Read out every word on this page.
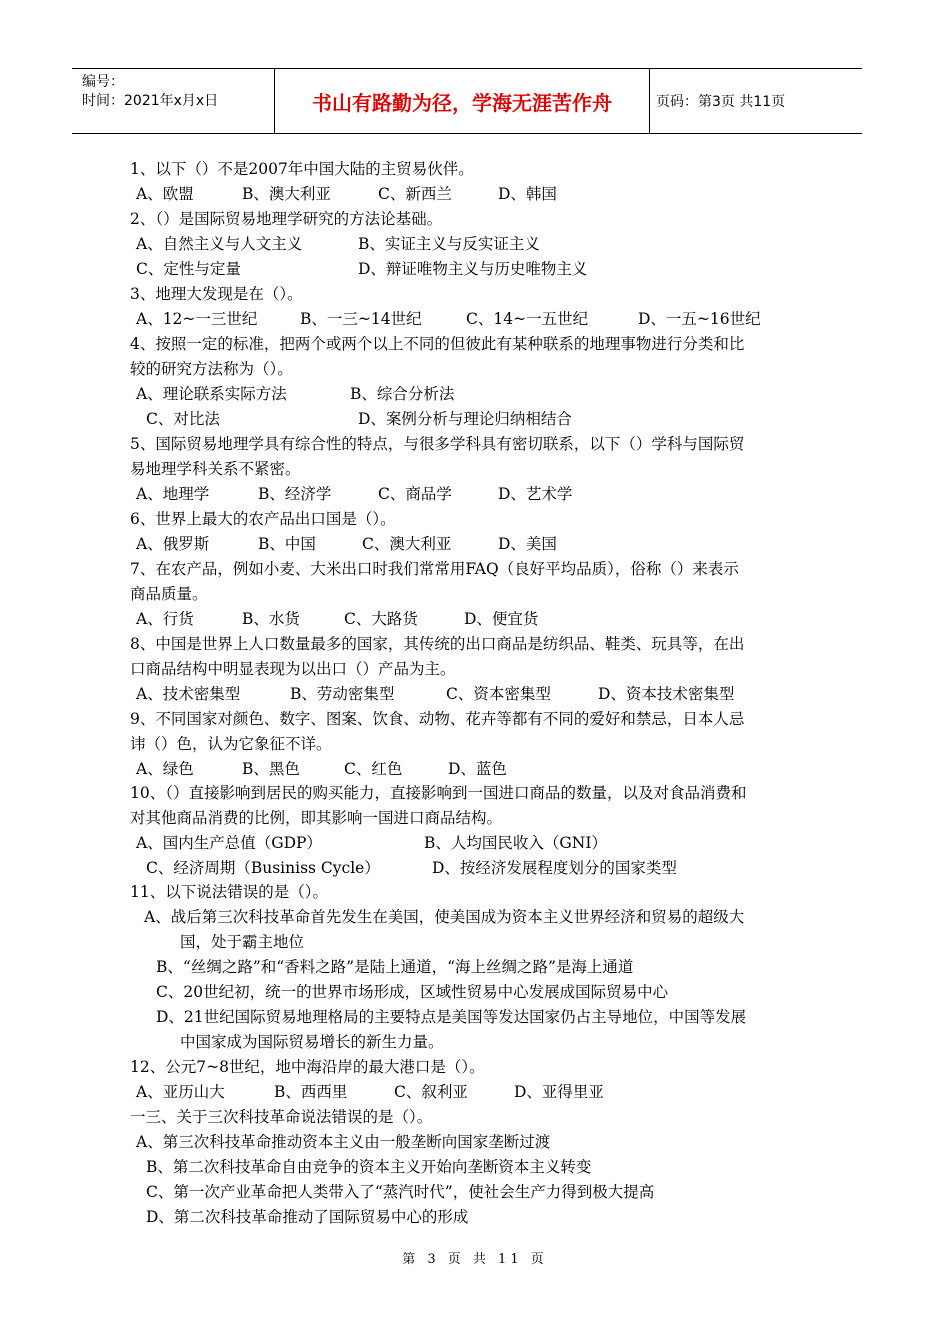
编号：
时间：2021年x月x日	书山有路勤为径，学海无涯苦作舟	页码：第3页 共11页
1、以下（）不是2007年中国大陆的主贸易伙伴。
A、欧盟	B、澳大利亚	C、新西兰	D、韩国
2、（）是国际贸易地理学研究的方法论基础。
A、自然主义与人文主义	B、实证主义与反实证主义
C、定性与定量	D、辩证唯物主义与历史唯物主义
3、地理大发现是在（）。
A、12~一三世纪	B、一三~14世纪	C、14~一五世纪	D、一五~16世纪
4、按照一定的标准，把两个或两个以上不同的但彼此有某种联系的地理事物进行分类和比
较的研究方法称为（）。
A、理论联系实际方法	B、综合分析法
C、对比法	D、案例分析与理论归纳相结合
5、国际贸易地理学具有综合性的特点，与很多学科具有密切联系，以下（）学科与国际贸
易地理学科关系不紧密。
A、地理学	B、经济学	C、商品学	D、艺术学
6、世界上最大的农产品出口国是（）。
A、俄罗斯	B、中国	C、澳大利亚	D、美国
7、在农产品，例如小麦、大米出口时我们常常用FAQ（良好平均品质），俗称（）来表示
商品质量。
A、行货	B、水货	C、大路货	D、便宜货
8、中国是世界上人口数量最多的国家，其传统的出口商品是纺织品、鞋类、玩具等，在出
口商品结构中明显表现为以出口（）产品为主。
A、技术密集型	B、劳动密集型	C、资本密集型	D、资本技术密集型
9、不同国家对颜色、数字、图案、饮食、动物、花卉等都有不同的爱好和禁忌，日本人忌
讳（）色，认为它象征不详。
A、绿色	B、黑色	C、红色	D、蓝色
10、（）直接影响到居民的购买能力，直接影响到一国进口商品的数量，以及对食品消费和
对其他商品消费的比例，即其影响一国进口商品结构。
A、国内生产总值（GDP）	B、人均国民收入（GNI）
C、经济周期（Businiss Cycle）	D、按经济发展程度划分的国家类型
11、以下说法错误的是（）。
A、战后第三次科技革命首先发生在美国，使美国成为资本主义世界经济和贸易的超级大
国，处于霸主地位
B、“丝绸之路”和“香料之路”是陆上通道，“海上丝绸之路”是海上通道
C、20世纪初，统一的世界市场形成，区域性贸易中心发展成国际贸易中心
D、21世纪国际贸易地理格局的主要特点是美国等发达国家仍占主导地位，中国等发展
中国家成为国际贸易增长的新生力量。
12、公元7~8世纪，地中海沿岸的最大港口是（）。
A、亚历山大	B、西西里	C、叙利亚	D、亚得里亚
一三、关于三次科技革命说法错误的是（）。
A、第三次科技革命推动资本主义由一般垄断向国家垄断过渡
B、第二次科技革命自由竞争的资本主义开始向垄断资本主义转变
C、第一次产业革命把人类带入了“蒸汽时代”，使社会生产力得到极大提高
D、第二次科技革命推动了国际贸易中心的形成
第 3 页 共 11 页
